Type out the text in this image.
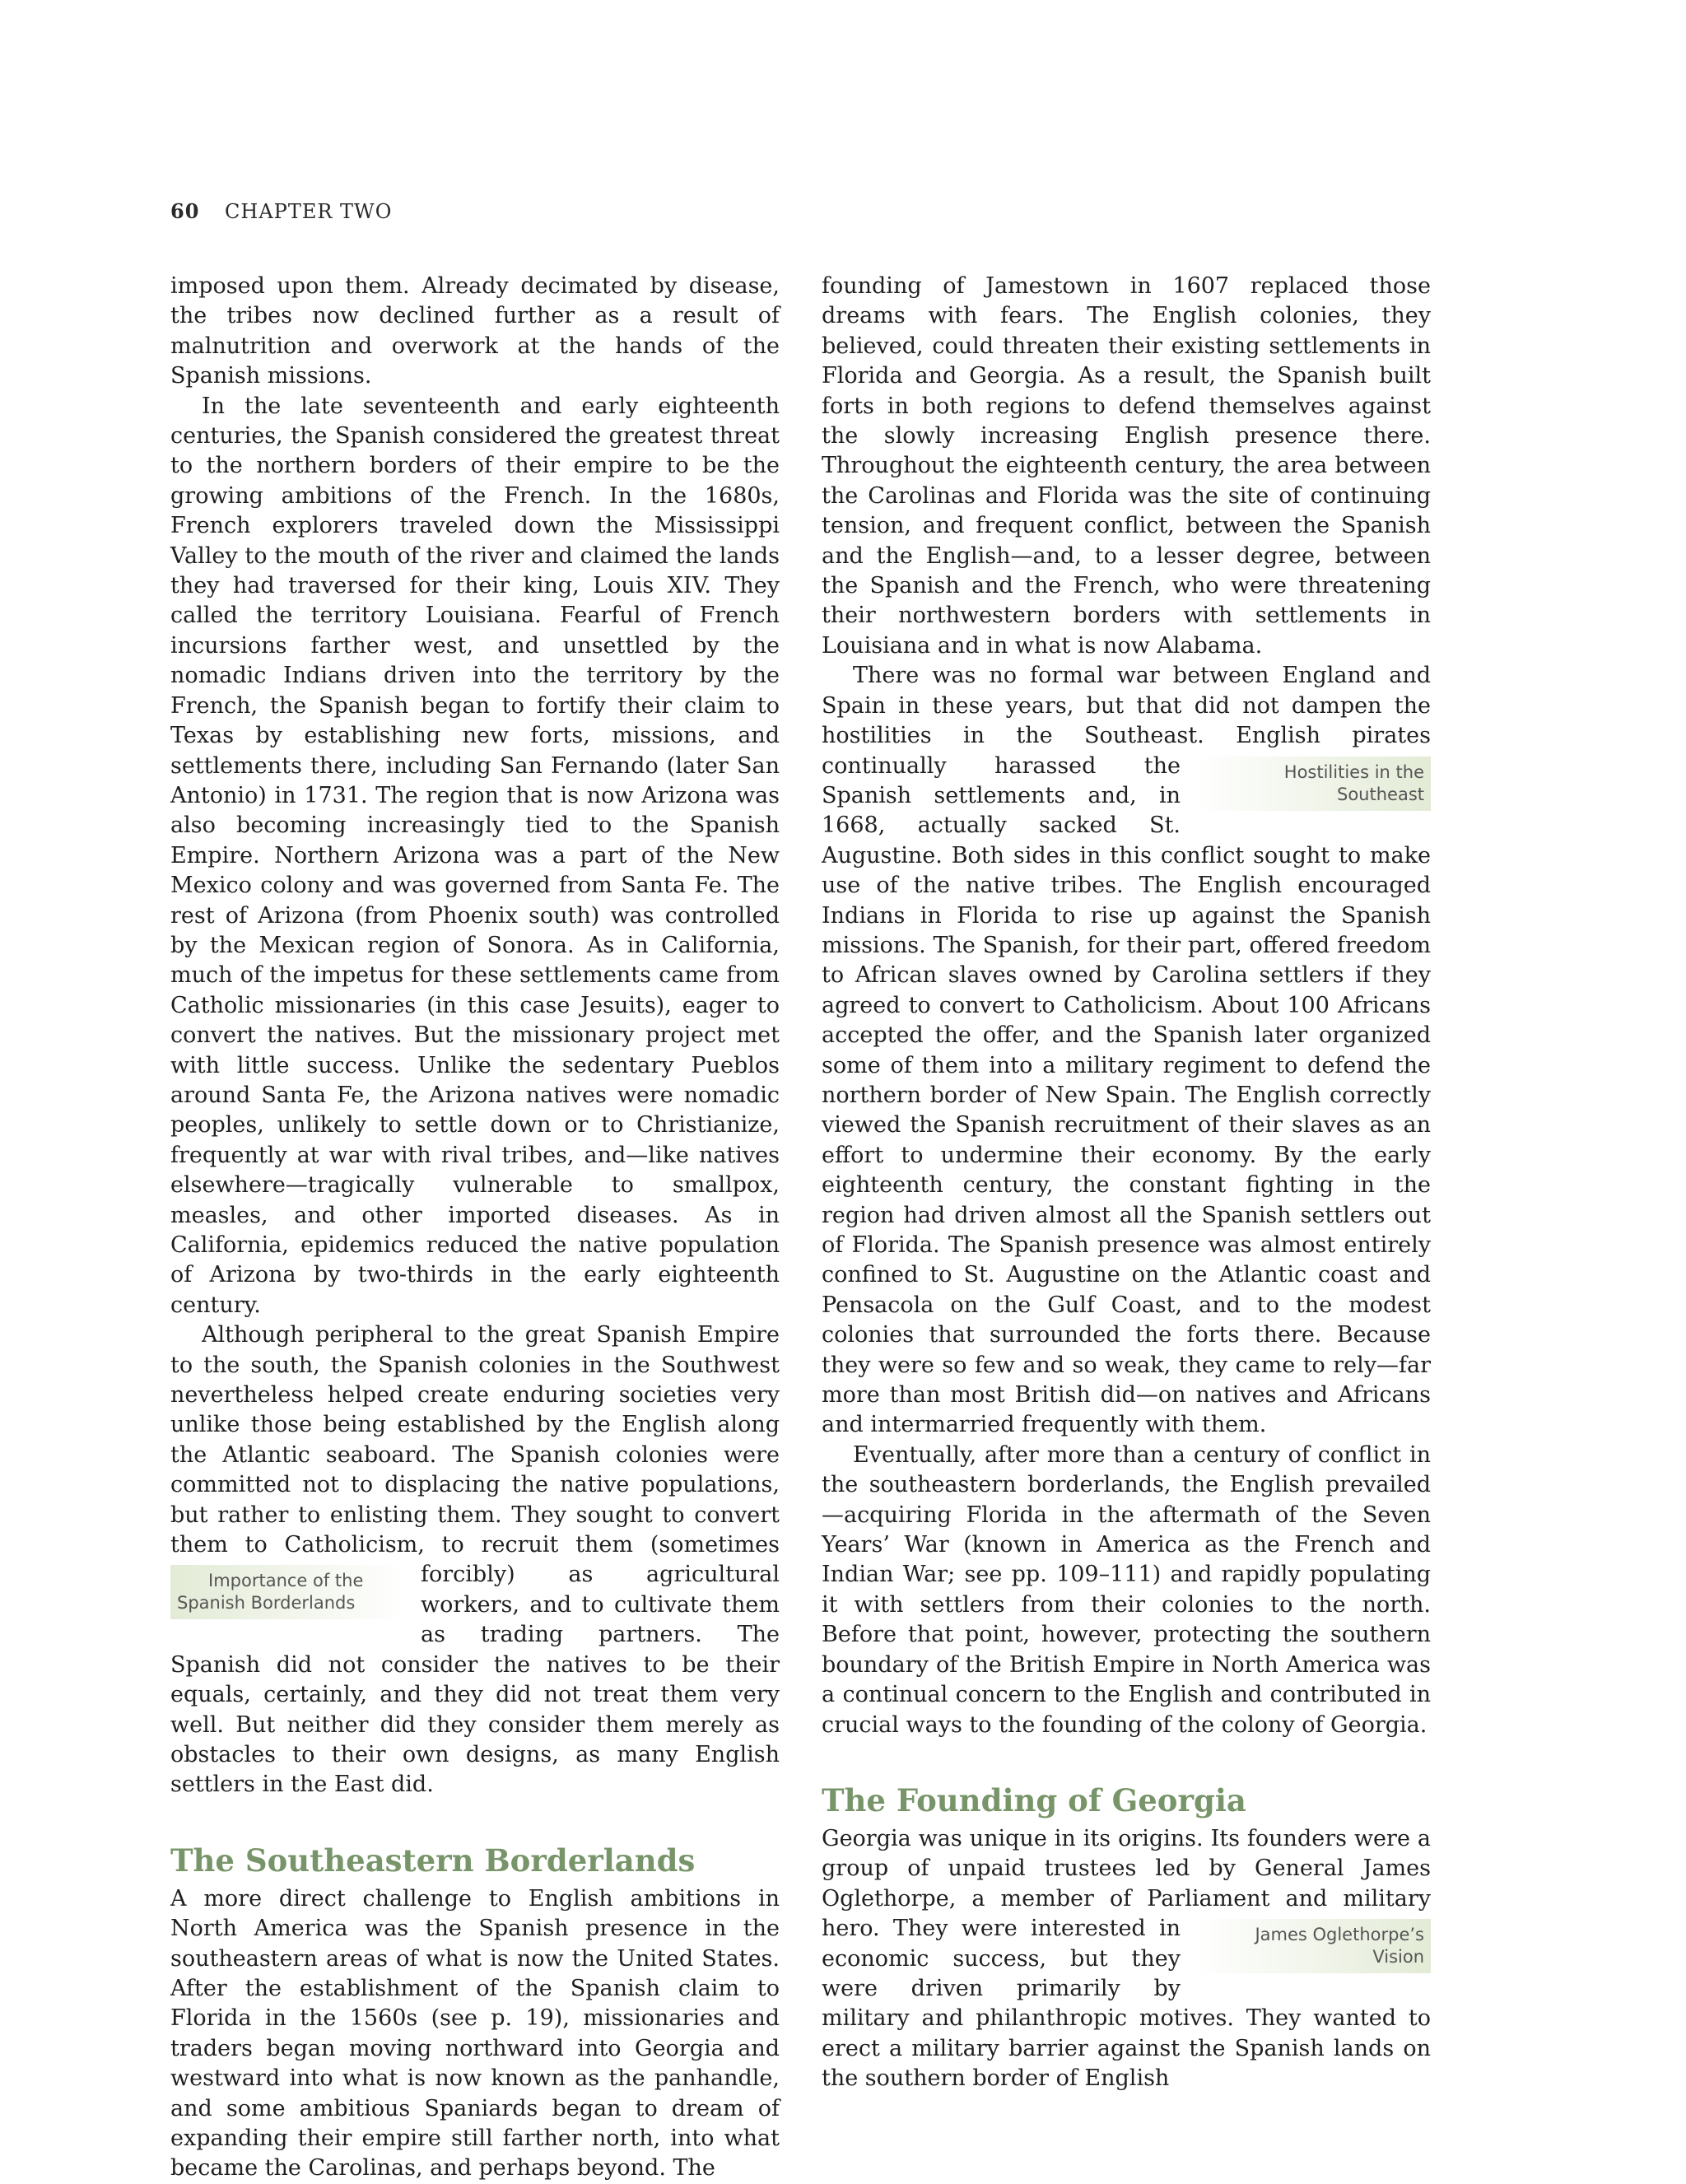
60 CHAPTER TWO

imposed upon them. Already decimated by disease, the tribes now declined further as a result of malnutrition and overwork at the hands of the Spanish missions.

In the late seventeenth and early eighteenth centuries, the Spanish considered the greatest threat to the northern borders of their empire to be the growing ambitions of the French. In the 1680s, French explorers traveled down the Mississippi Valley to the mouth of the river and claimed the lands they had traversed for their king, Louis XIV. They called the territory Louisiana. Fearful of French incursions farther west, and unsettled by the nomadic Indians driven into the territory by the French, the Spanish began to fortify their claim to Texas by establishing new forts, missions, and settlements there, including San Fernando (later San Antonio) in 1731. The region that is now Arizona was also becoming increasingly tied to the Spanish Empire. Northern Arizona was a part of the New Mexico colony and was governed from Santa Fe. The rest of Arizona (from Phoenix south) was controlled by the Mexican region of Sonora. As in California, much of the impetus for these settlements came from Catholic missionaries (in this case Jesuits), eager to convert the natives. But the missionary project met with little success. Unlike the sedentary Pueblos around Santa Fe, the Arizona natives were nomadic peoples, unlikely to settle down or to Christianize, frequently at war with rival tribes, and—like natives elsewhere—tragically vulnerable to smallpox, measles, and other imported diseases. As in California, epidemics reduced the native population of Arizona by two-thirds in the early eighteenth century.

Although peripheral to the great Spanish Empire to the south, the Spanish colonies in the Southwest nevertheless helped create enduring societies very unlike those being established by the English along the Atlantic seaboard. The Spanish colonies were committed not to displacing the native populations, but rather to enlisting them. They sought to convert them to Catholicism, to recruit them
Importance of the Spanish Borderlands
(sometimes forcibly) as agricultural workers, and to cultivate them as trading partners. The Spanish did not consider the natives to be their equals, certainly, and they did not treat them very well. But neither did they consider them merely as obstacles to their own designs, as many English settlers in the East did.

The Southeastern Borderlands

A more direct challenge to English ambitions in North America was the Spanish presence in the southeastern areas of what is now the United States. After the establishment of the Spanish claim to Florida in the 1560s (see p. 19), missionaries and traders began moving northward into Georgia and westward into what is now known as the panhandle, and some ambitious Spaniards began to dream of expanding their empire still farther north, into what became the Carolinas, and perhaps beyond. The

founding of Jamestown in 1607 replaced those dreams with fears. The English colonies, they believed, could threaten their existing settlements in Florida and Georgia. As a result, the Spanish built forts in both regions to defend themselves against the slowly increasing English presence there. Throughout the eighteenth century, the area between the Carolinas and Florida was the site of continuing tension, and frequent conflict, between the Spanish and the English—and, to a lesser degree, between the Spanish and the French, who were threatening their northwestern borders with settlements in Louisiana and in what is now Alabama.

There was no formal war between England and Spain in these years, but that did not dampen the hostilities in the Southeast. English pirates continually harassed the	Hostilities in the Southeast
Spanish settlements and, in 1668, actually sacked St. Augustine. Both sides in this conflict sought to make use of the native tribes. The English encouraged Indians in Florida to rise up against the Spanish missions. The Spanish, for their part, offered freedom to African slaves owned by Carolina settlers if they agreed to convert to Catholicism. About 100 Africans accepted the offer, and the Spanish later organized some of them into a military regiment to defend the northern border of New Spain. The English correctly viewed the Spanish recruitment of their slaves as an effort to undermine their economy. By the early eighteenth century, the constant fighting in the region had driven almost all the Spanish settlers out of Florida. The Spanish presence was almost entirely confined to St. Augustine on the Atlantic coast and Pensacola on the Gulf Coast, and to the modest colonies that surrounded the forts there. Because they were so few and so weak, they came to rely—far more than most British did—on natives and Africans and intermarried frequently with them.

Eventually, after more than a century of conflict in the southeastern borderlands, the English prevailed—acquiring Florida in the aftermath of the Seven Years’ War (known in America as the French and Indian War; see pp. 109–111) and rapidly populating it with settlers from their colonies to the north. Before that point, however, protecting the southern boundary of the British Empire in North America was a continual concern to the English and contributed in crucial ways to the founding of the colony of Georgia.

The Founding of Georgia

Georgia was unique in its origins. Its founders were a group of unpaid trustees led by General James Oglethorpe, a member of Parliament and military hero. They were	James Oglethorpe’s Vision
interested in economic success, but they were driven primarily by military and philanthropic motives. They wanted to erect a military barrier against the Spanish lands on the southern border of English
